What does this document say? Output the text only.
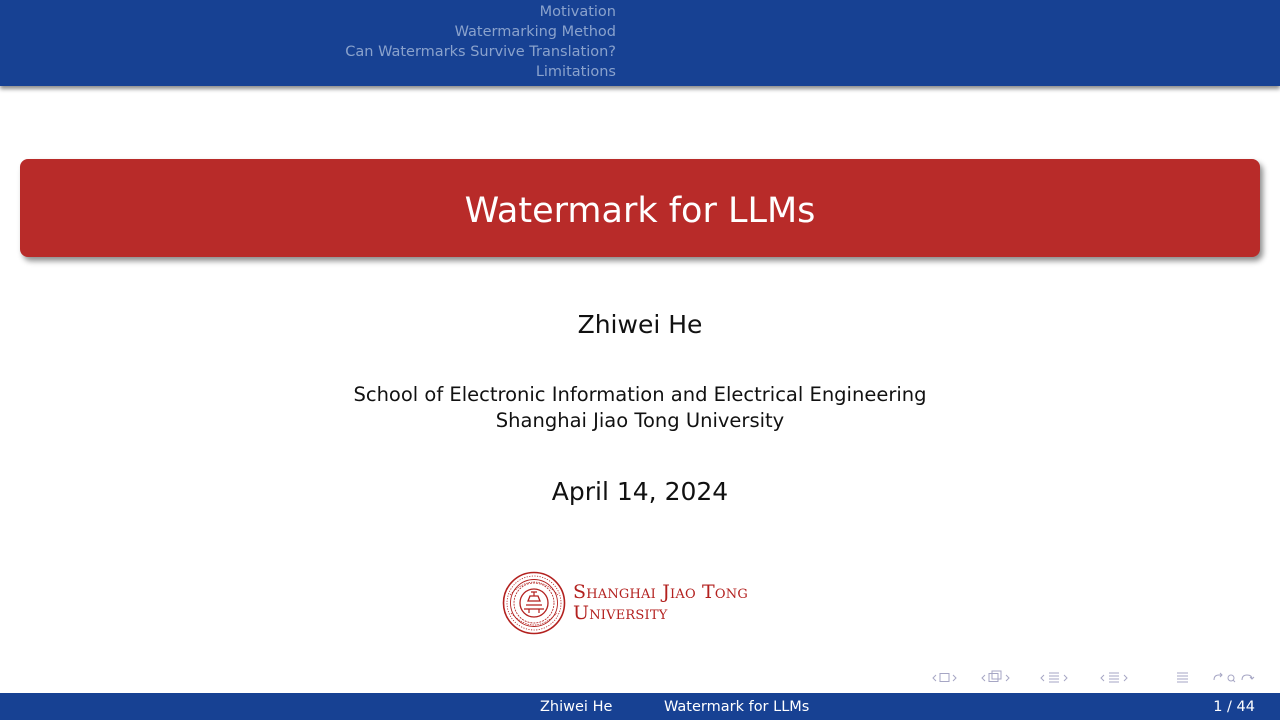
Motivation
Watermarking Method
Can Watermarks Survive Translation?
Limitations
Watermark for LLMs
Zhiwei He
School of Electronic Information and Electrical Engineering
Shanghai Jiao Tong University
April 14, 2024
Shanghai Jiao Tong
University
Zhiwei He	Watermark for LLMs	1 / 44
